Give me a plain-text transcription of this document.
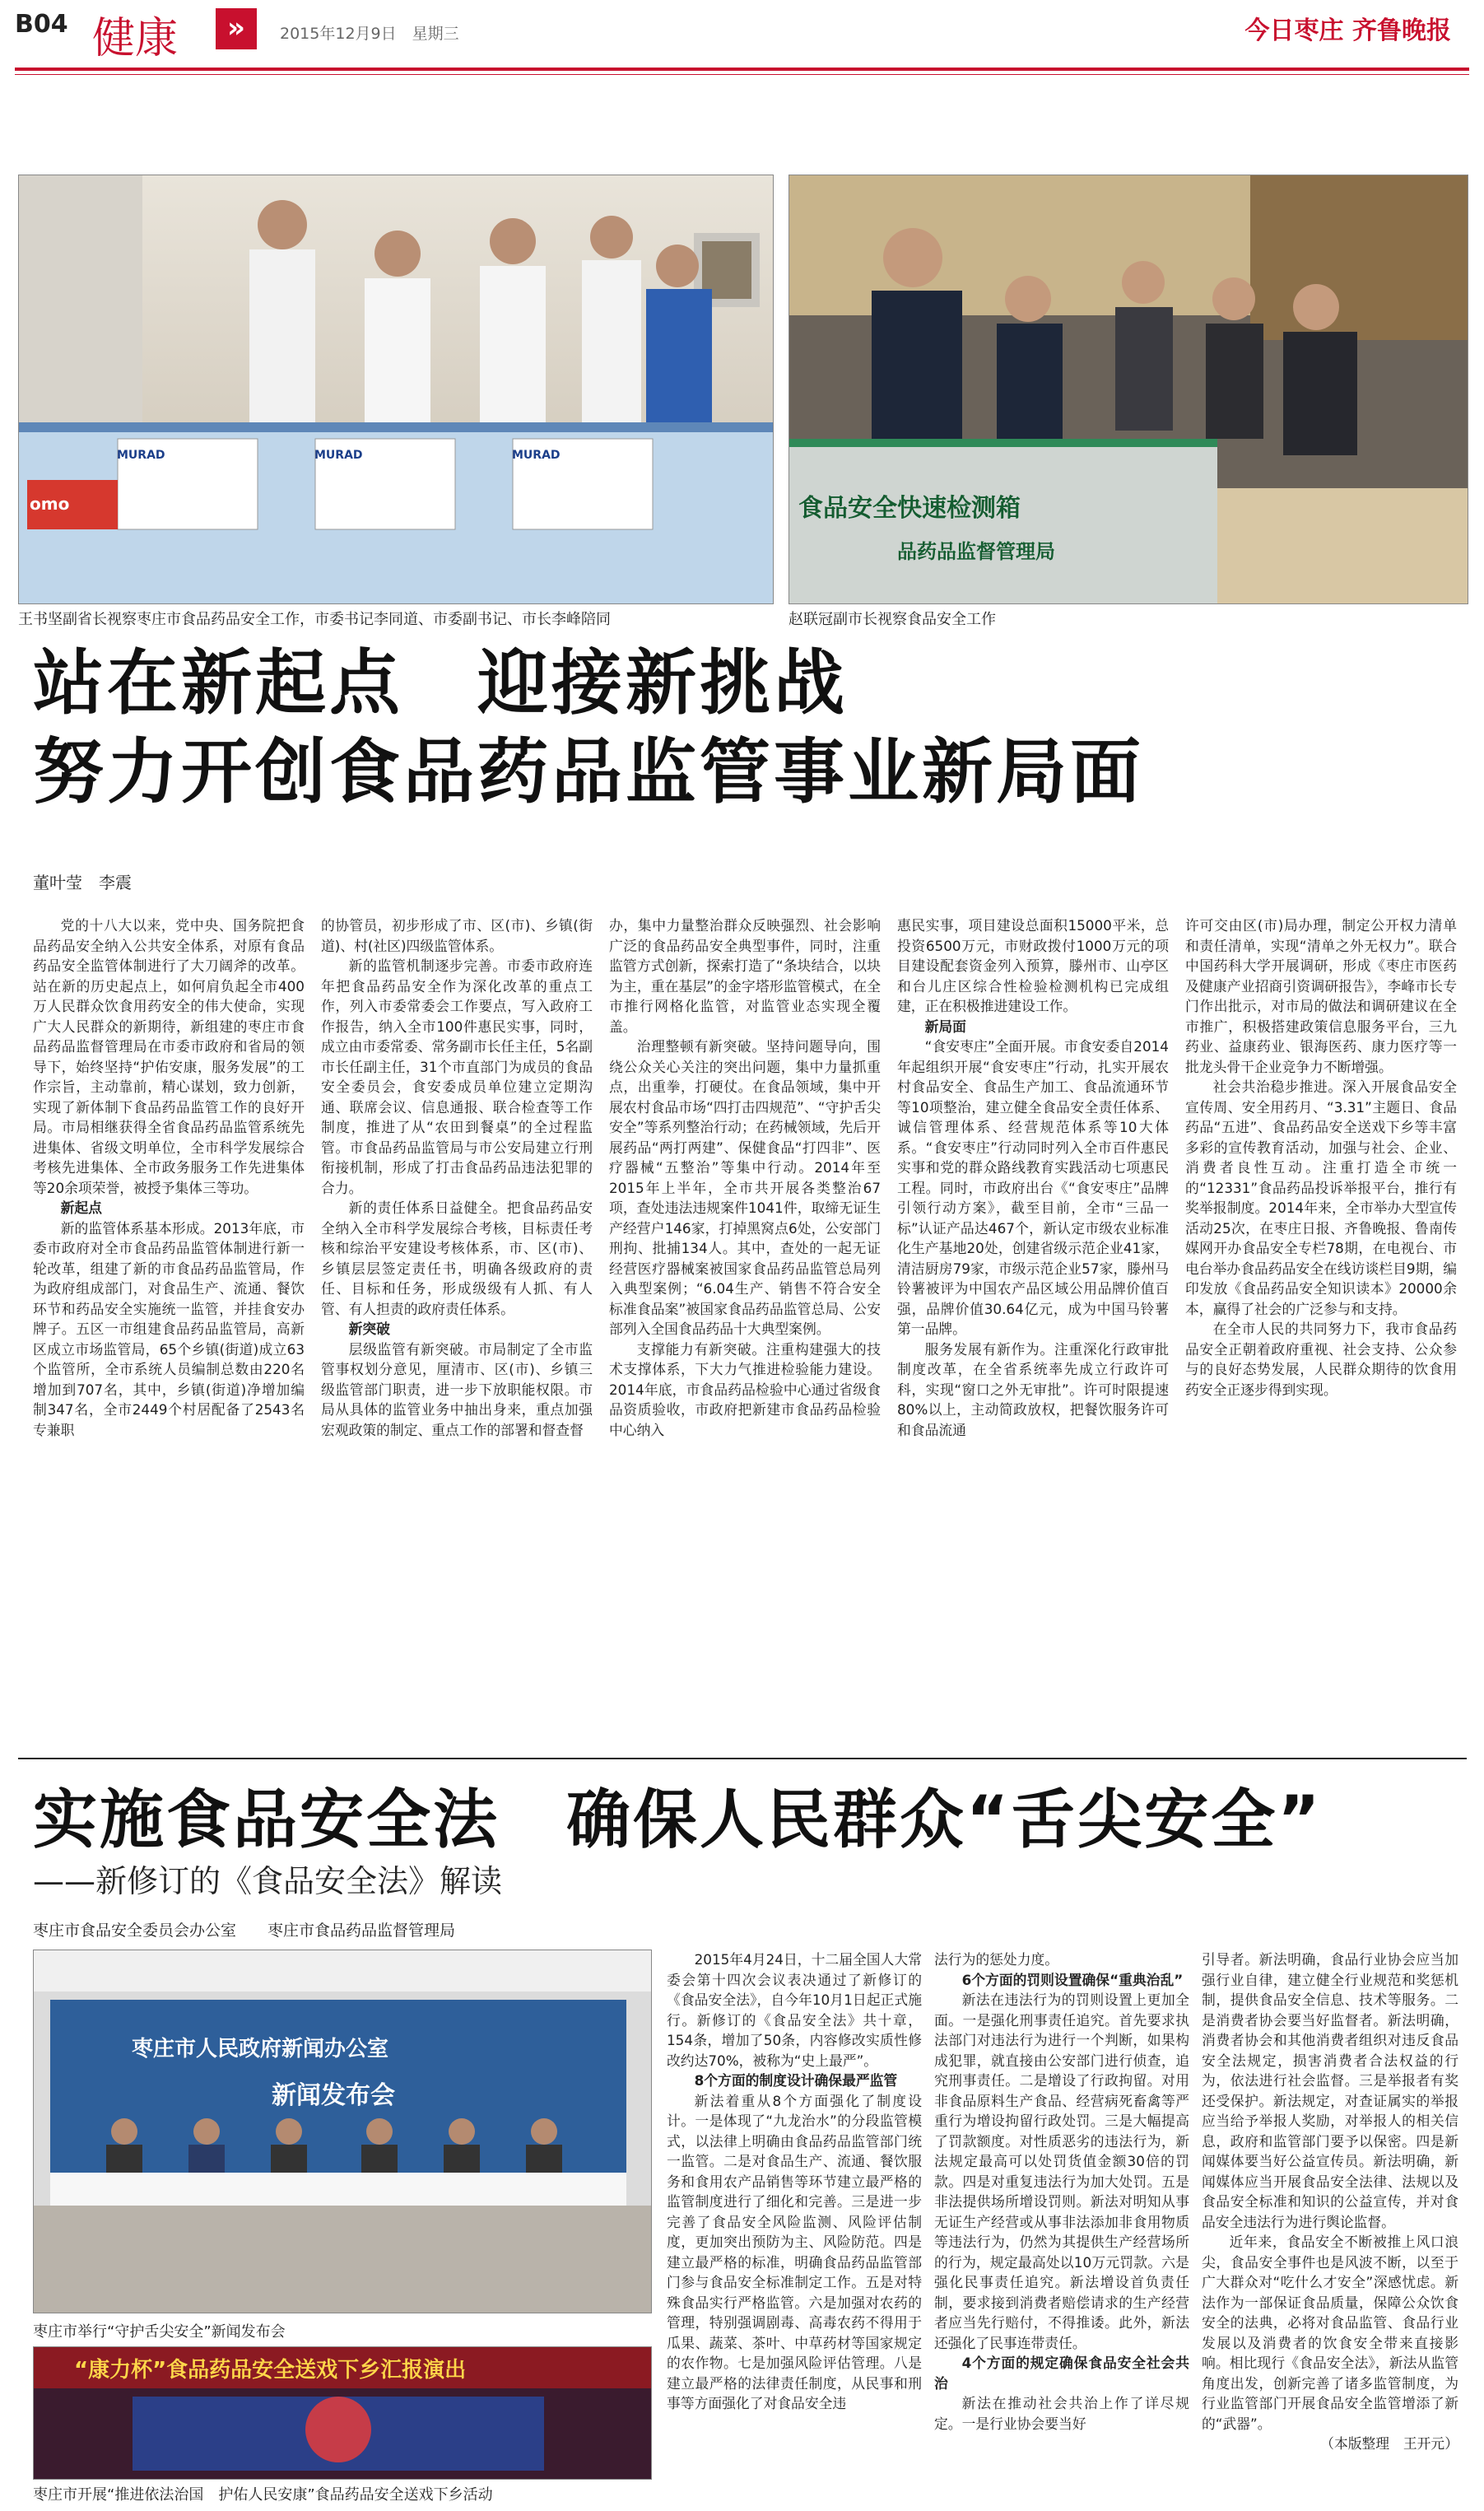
B04 健康	»	2015年12月9日　星期三	今日枣庄 齐鲁晚报
MURAD	MURAD	MURAD
omo
王书坚副省长视察枣庄市食品药品安全工作，市委书记李同道、市委副书记、市长李峰陪同
食品安全快速检测箱
品药品监督管理局
赵联冠副市长视察食品安全工作
站在新起点　迎接新挑战
努力开创食品药品监管事业新局面
董叶莹　李震

党的十八大以来，党中央、国务院把食品药品安全纳入公共安全体系，对原有食品药品安全监管体制进行了大刀阔斧的改革。站在新的历史起点上，如何肩负起全市400万人民群众饮食用药安全的伟大使命，实现广大人民群众的新期待，新组建的枣庄市食品药品监督管理局在市委市政府和省局的领导下，始终坚持“护佑安康，服务发展”的工作宗旨，主动靠前，精心谋划，致力创新，实现了新体制下食品药品监管工作的良好开局。市局相继获得全省食品药品监管系统先进集体、省级文明单位，全市科学发展综合考核先进集体、全市政务服务工作先进集体等20余项荣誉，被授予集体三等功。

新起点

新的监管体系基本形成。2013年底，市委市政府对全市食品药品监管体制进行新一轮改革，组建了新的市食品药品监管局，作为政府组成部门，对食品生产、流通、餐饮环节和药品安全实施统一监管，并挂食安办牌子。五区一市组建食品药品监管局，高新区成立市场监管局，65个乡镇(街道)成立63个监管所，全市系统人员编制总数由220名增加到707名，其中，乡镇(街道)净增加编制347名，全市2449个村居配备了2543名专兼职

的协管员，初步形成了市、区(市)、乡镇(街道)、村(社区)四级监管体系。

新的监管机制逐步完善。市委市政府连年把食品药品安全作为深化改革的重点工作，列入市委常委会工作要点，写入政府工作报告，纳入全市100件惠民实事，同时，成立由市委常委、常务副市长任主任，5名副市长任副主任，31个市直部门为成员的食品安全委员会，食安委成员单位建立定期沟通、联席会议、信息通报、联合检查等工作制度，推进了从“农田到餐桌”的全过程监管。市食品药品监管局与市公安局建立行刑衔接机制，形成了打击食品药品违法犯罪的合力。

新的责任体系日益健全。把食品药品安全纳入全市科学发展综合考核，目标责任考核和综治平安建设考核体系，市、区(市)、乡镇层层签定责任书，明确各级政府的责任、目标和任务，形成级级有人抓、有人管、有人担责的政府责任体系。

新突破

层级监管有新突破。市局制定了全市监管事权划分意见，厘清市、区(市)、乡镇三级监管部门职责，进一步下放职能权限。市局从具体的监管业务中抽出身来，重点加强宏观政策的制定、重点工作的部署和督查督

办，集中力量整治群众反映强烈、社会影响广泛的食品药品安全典型事件，同时，注重监管方式创新，探索打造了“条块结合，以块为主，重在基层”的金字塔形监管模式，在全市推行网格化监管，对监管业态实现全覆盖。

治理整顿有新突破。坚持问题导向，围绕公众关心关注的突出问题，集中力量抓重点，出重拳，打硬仗。在食品领域，集中开展农村食品市场“四打击四规范”、“守护舌尖安全”等系列整治行动；在药械领域，先后开展药品“两打两建”、保健食品“打四非”、医疗器械“五整治”等集中行动。2014年至2015年上半年，全市共开展各类整治67项，查处违法违规案件1041件，取缔无证生产经营户146家，打掉黑窝点6处，公安部门刑拘、批捕134人。其中，查处的一起无证经营医疗器械案被国家食品药品监管总局列入典型案例；“6.04生产、销售不符合安全标准食品案”被国家食品药品监管总局、公安部列入全国食品药品十大典型案例。

支撑能力有新突破。注重构建强大的技术支撑体系，下大力气推进检验能力建设。2014年底，市食品药品检验中心通过省级食品资质验收，市政府把新建市食品药品检验中心纳入

惠民实事，项目建设总面积15000平米，总投资6500万元，市财政拨付1000万元的项目建设配套资金列入预算，滕州市、山亭区和台儿庄区综合性检验检测机构已完成组建，正在积极推进建设工作。

新局面

“食安枣庄”全面开展。市食安委自2014年起组织开展“食安枣庄”行动，扎实开展农村食品安全、食品生产加工、食品流通环节等10项整治，建立健全食品安全责任体系、诚信管理体系、经营规范体系等10大体系。“食安枣庄”行动同时列入全市百件惠民实事和党的群众路线教育实践活动七项惠民工程。同时，市政府出台《“食安枣庄”品牌引领行动方案》，截至目前，全市“三品一标”认证产品达467个，新认定市级农业标准化生产基地20处，创建省级示范企业41家，清洁厨房79家，市级示范企业57家，滕州马铃薯被评为中国农产品区域公用品牌价值百强，品牌价值30.64亿元，成为中国马铃薯第一品牌。

服务发展有新作为。注重深化行政审批制度改革，在全省系统率先成立行政许可科，实现“窗口之外无审批”。许可时限提速80%以上，主动简政放权，把餐饮服务许可和食品流通

许可交由区(市)局办理，制定公开权力清单和责任清单，实现“清单之外无权力”。联合中国药科大学开展调研，形成《枣庄市医药及健康产业招商引资调研报告》，李峰市长专门作出批示，对市局的做法和调研建议在全市推广，积极搭建政策信息服务平台，三九药业、益康药业、银海医药、康力医疗等一批龙头骨干企业竞争力不断增强。

社会共治稳步推进。深入开展食品安全宣传周、安全用药月、“3.31”主题日、食品药品“五进”、食品药品安全送戏下乡等丰富多彩的宣传教育活动，加强与社会、企业、消费者良性互动。注重打造全市统一的“12331”食品药品投诉举报平台，推行有奖举报制度。2014年来，全市举办大型宣传活动25次，在枣庄日报、齐鲁晚报、鲁南传媒网开办食品安全专栏78期，在电视台、市电台举办食品药品安全在线访谈栏目9期，编印发放《食品药品安全知识读本》20000余本，赢得了社会的广泛参与和支持。

在全市人民的共同努力下，我市食品药品安全正朝着政府重视、社会支持、公众参与的良好态势发展，人民群众期待的饮食用药安全正逐步得到实现。

实施食品安全法　确保人民群众“舌尖安全”
——新修订的《食品安全法》解读
枣庄市食品安全委员会办公室　　枣庄市食品药品监督管理局
枣庄市人民政府新闻办公室
新闻发布会
枣庄市举行“守护舌尖安全”新闻发布会
“康力杯”食品药品安全送戏下乡汇报演出
枣庄市开展“推进依法治国　护佑人民安康”食品药品安全送戏下乡活动

2015年4月24日，十二届全国人大常委会第十四次会议表决通过了新修订的《食品安全法》，自今年10月1日起正式施行。新修订的《食品安全法》共十章，154条，增加了50条，内容修改实质性修改约达70%，被称为“史上最严”。

8个方面的制度设计确保最严监管

新法着重从8个方面强化了制度设计。一是体现了“九龙治水”的分段监管模式，以法律上明确由食品药品监管部门统一监管。二是对食品生产、流通、餐饮服务和食用农产品销售等环节建立最严格的监管制度进行了细化和完善。三是进一步完善了食品安全风险监测、风险评估制度，更加突出预防为主、风险防范。四是建立最严格的标准，明确食品药品监管部门参与食品安全标准制定工作。五是对特殊食品实行严格监管。六是加强对农药的管理，特别强调剧毒、高毒农药不得用于瓜果、蔬菜、茶叶、中草药材等国家规定的农作物。七是加强风险评估管理。八是建立最严格的法律责任制度，从民事和刑事等方面强化了对食品安全违

法行为的惩处力度。

6个方面的罚则设置确保“重典治乱”

新法在违法行为的罚则设置上更加全面。一是强化刑事责任追究。首先要求执法部门对违法行为进行一个判断，如果构成犯罪，就直接由公安部门进行侦查，追究刑事责任。二是增设了行政拘留。对用非食品原料生产食品、经营病死畜禽等严重行为增设拘留行政处罚。三是大幅提高了罚款额度。对性质恶劣的违法行为，新法规定最高可以处罚货值金额30倍的罚款。四是对重复违法行为加大处罚。五是非法提供场所增设罚则。新法对明知从事无证生产经营或从事非法添加非食用物质等违法行为，仍然为其提供生产经营场所的行为，规定最高处以10万元罚款。六是强化民事责任追究。新法增设首负责任制，要求接到消费者赔偿请求的生产经营者应当先行赔付，不得推诿。此外，新法还强化了民事连带责任。

4个方面的规定确保食品安全社会共治

新法在推动社会共治上作了详尽规定。一是行业协会要当好

引导者。新法明确，食品行业协会应当加强行业自律，建立健全行业规范和奖惩机制，提供食品安全信息、技术等服务。二是消费者协会要当好监督者。新法明确，消费者协会和其他消费者组织对违反食品安全法规定，损害消费者合法权益的行为，依法进行社会监督。三是举报者有奖还受保护。新法规定，对查证属实的举报应当给予举报人奖励，对举报人的相关信息，政府和监管部门要予以保密。四是新闻媒体要当好公益宣传员。新法明确，新闻媒体应当开展食品安全法律、法规以及食品安全标准和知识的公益宣传，并对食品安全违法行为进行舆论监督。

近年来，食品安全不断被推上风口浪尖，食品安全事件也是风波不断，以至于广大群众对“吃什么才安全”深感忧虑。新法作为一部保证食品质量，保障公众饮食安全的法典，必将对食品监管、食品行业发展以及消费者的饮食安全带来直接影响。相比现行《食品安全法》，新法从监管角度出发，创新完善了诸多监管制度，为行业监管部门开展食品安全监管增添了新的“武器”。

（本版整理　王开元）
